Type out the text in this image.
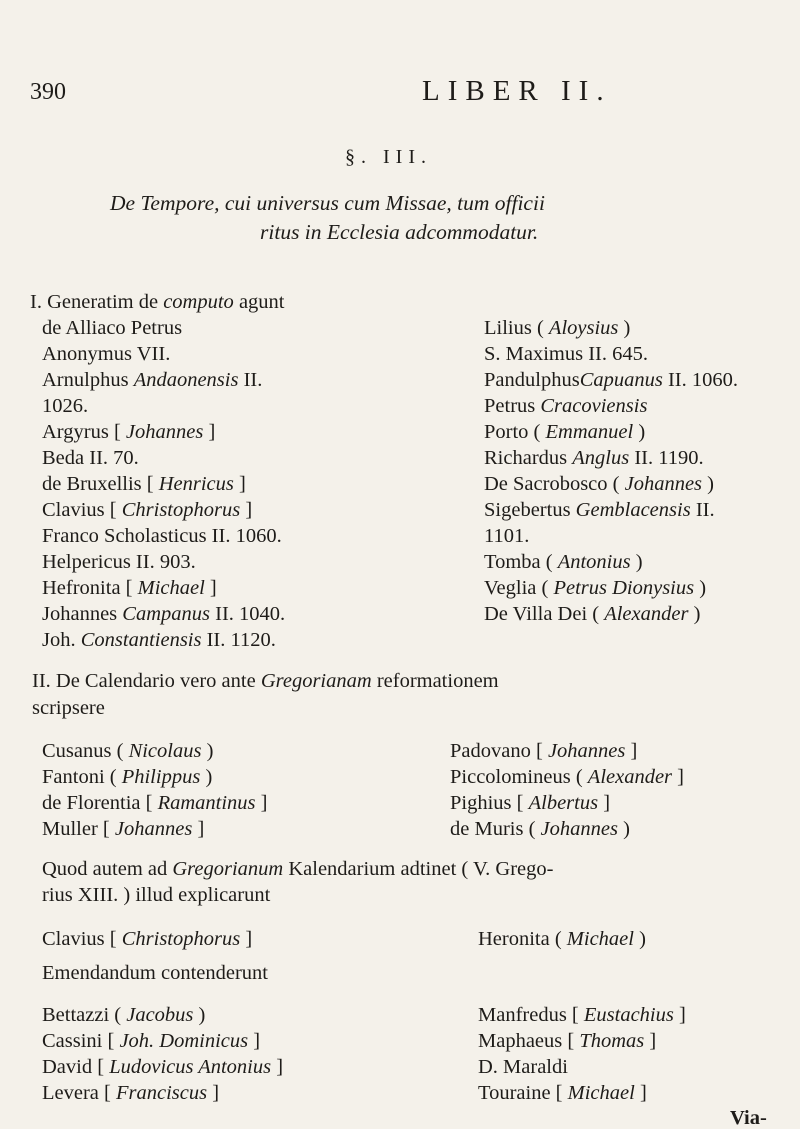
390	LIBER II.
§. III.
De Tempore, cui universus cum Missae, tum officii
ritus in Ecclesia adcommodatur.
I. Generatim de computo agunt
de Alliaco Petrus
Anonymus VII.
Arnulphus Andaonensis II.
1026.
Argyrus [ Johannes ]
Beda II. 70.
de Bruxellis [ Henricus ]
Clavius [ Christophorus ]
Franco Scholasticus II. 1060.
Helpericus II. 903.
Hefronita [ Michael ]
Johannes Campanus II. 1040.
Joh. Constantiensis II. 1120.
Lilius ( Aloysius )
S. Maximus II. 645.
PandulphusCapuanus II. 1060.
Petrus Cracoviensis
Porto ( Emmanuel )
Richardus Anglus II. 1190.
De Sacrobosco ( Johannes )
Sigebertus Gemblacensis II.
1101.
Tomba ( Antonius )
Veglia ( Petrus Dionysius )
De Villa Dei ( Alexander )
II. De Calendario vero ante Gregorianam reformationem
scripsere
Cusanus ( Nicolaus )
Fantoni ( Philippus )
de Florentia [ Ramantinus ]
Muller [ Johannes ]
Padovano [ Johannes ]
Piccolomineus ( Alexander ]
Pighius [ Albertus ]
de Muris ( Johannes )
Quod autem ad Gregorianum Kalendarium adtinet ( V. Grego-
rius XIII. ) illud explicarunt
Clavius [ Christophorus ]	Heronita ( Michael )
Emendandum contenderunt
Bettazzi ( Jacobus )
Cassini [ Joh. Dominicus ]
David [ Ludovicus Antonius ]
Levera [ Franciscus ]
Manfredus [ Eustachius ]
Maphaeus [ Thomas ]
D. Maraldi
Touraine [ Michael ]
Via-
